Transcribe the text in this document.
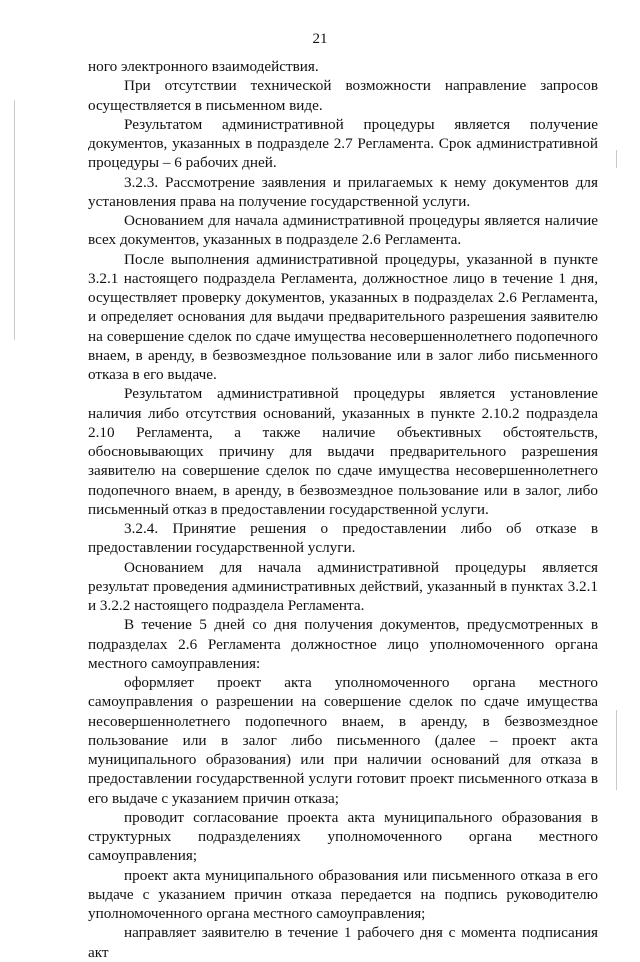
21

ного электронного взаимодействия.

При отсутствии технической возможности направление запросов осуществляется в письменном виде.

Результатом административной процедуры является получение документов, указанных в подразделе 2.7 Регламента. Срок административной процедуры – 6 рабочих дней.

3.2.3. Рассмотрение заявления и прилагаемых к нему документов для установления права на получение государственной услуги.

Основанием для начала административной процедуры является наличие всех документов, указанных в подразделе 2.6 Регламента.

После выполнения административной процедуры, указанной в пункте 3.2.1 настоящего подраздела Регламента, должностное лицо в течение 1 дня, осуществляет проверку документов, указанных в подразделах 2.6 Регламента, и определяет основания для выдачи предварительного разрешения заявителю на совершение сделок по сдаче имущества несовершеннолетнего подопечного внаем, в аренду, в безвозмездное пользование или в залог либо письменного отказа в его выдаче.

Результатом административной процедуры является установление наличия либо отсутствия оснований, указанных в пункте 2.10.2 подраздела 2.10 Регламента, а также наличие объективных обстоятельств, обосновывающих причину для выдачи предварительного разрешения заявителю на совершение сделок по сдаче имущества несовершеннолетнего подопечного внаем, в аренду, в безвозмездное пользование или в залог, либо письменный отказ в предоставлении государственной услуги.

3.2.4. Принятие решения о предоставлении либо об отказе в предоставлении государственной услуги.

Основанием для начала административной процедуры является результат проведения административных действий, указанный в пунктах 3.2.1 и 3.2.2 настоящего подраздела Регламента.

В течение 5 дней со дня получения документов, предусмотренных в подразделах 2.6 Регламента должностное лицо уполномоченного органа местного самоуправления:

оформляет проект акта уполномоченного органа местного самоуправления о разрешении на совершение сделок по сдаче имущества несовершеннолетнего подопечного внаем, в аренду, в безвозмездное пользование или в залог либо письменного (далее – проект акта муниципального образования) или при наличии оснований для отказа в предоставлении государственной услуги готовит проект письменного отказа в его выдаче с указанием причин отказа;

проводит согласование проекта акта муниципального образования в структурных подразделениях уполномоченного органа местного самоуправления;

проект акта муниципального образования или письменного отказа в его выдаче с указанием причин отказа передается на подпись руководителю уполномоченного органа местного самоуправления;

направляет заявителю в течение 1 рабочего дня с момента подписания акт
